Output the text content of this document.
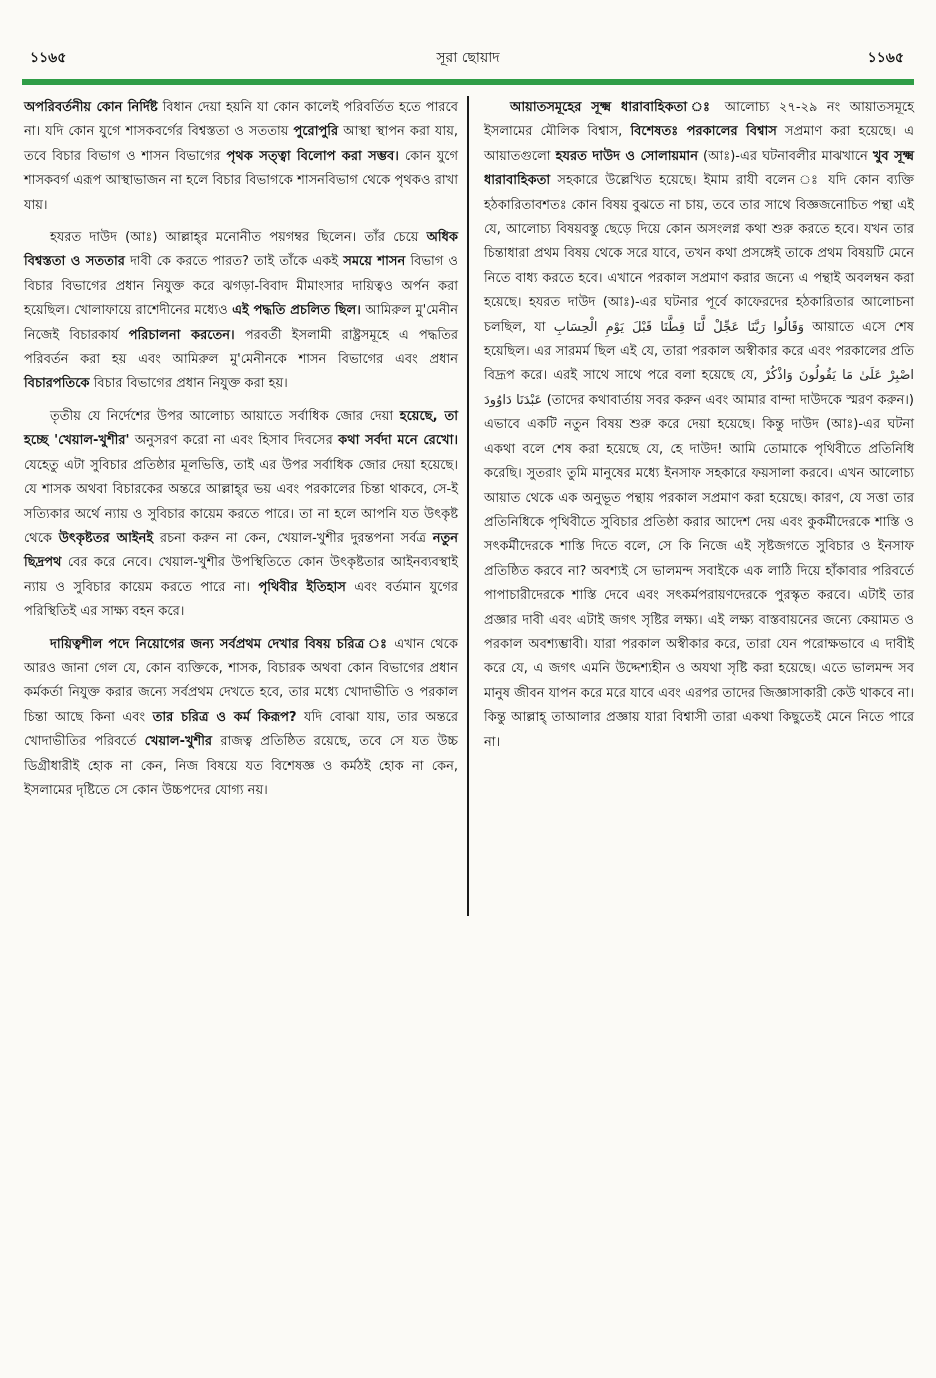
১১৬৫	সূরা ছোয়াদ	১১৬৫

অপরিবর্তনীয় কোন নির্দিষ্ট বিধান দেয়া হয়নি যা কোন কালেই পরিবর্তিত হতে পারবে না। যদি কোন যুগে শাসকবর্গের বিশ্বস্ততা ও সততায় পুরোপুরি আস্থা স্থাপন করা যায়, তবে বিচার বিভাগ ও শাসন বিভাগের পৃথক সত্ত্বা বিলোপ করা সম্ভব। কোন যুগে শাসকবর্গ এরূপ আস্থাভাজন না হলে বিচার বিভাগকে শাসনবিভাগ থেকে পৃথকও রাখা যায়।

হযরত দাউদ (আঃ) আল্লাহ্‌র মনোনীত পয়গম্বর ছিলেন। তাঁর চেয়ে অধিক বিশ্বস্ততা ও সততার দাবী কে করতে পারত? তাই তাঁকে একই সময়ে শাসন বিভাগ ও বিচার বিভাগের প্রধান নিযুক্ত করে ঝগড়া-বিবাদ মীমাংসার দায়িত্বও অর্পন করা হয়েছিল। খোলাফায়ে রাশেদীনের মধ্যেও এই পদ্ধতি প্রচলিত ছিল। আমিরুল মু'মেনীন নিজেই বিচারকার্য পরিচালনা করতেন। পরবর্তী ইসলামী রাষ্ট্রসমূহে এ পদ্ধতির পরিবর্তন করা হয় এবং আমিরুল মু'মেনীনকে শাসন বিভাগের এবং প্রধান বিচারপতিকে বিচার বিভাগের প্রধান নিযুক্ত করা হয়।

তৃতীয় যে নির্দেশের উপর আলোচ্য আয়াতে সর্বাধিক জোর দেয়া হয়েছে, তা হচ্ছে 'খেয়াল-খুশীর' অনুসরণ করো না এবং হিসাব দিবসের কথা সর্বদা মনে রেখো। যেহেতু এটা সুবিচার প্রতিষ্ঠার মূলভিত্তি, তাই এর উপর সর্বাধিক জোর দেয়া হয়েছে। যে শাসক অথবা বিচারকের অন্তরে আল্লাহ্‌র ভয় এবং পরকালের চিন্তা থাকবে, সে-ই সত্যিকার অর্থে ন্যায় ও সুবিচার কায়েম করতে পারে। তা না হলে আপনি যত উৎকৃষ্ট থেকে উৎকৃষ্টতর আইনই রচনা করুন না কেন, খেয়াল-খুশীর দুরন্তপনা সর্বত্র নতুন ছিদ্রপথ বের করে নেবে। খেয়াল-খুশীর উপস্থিতিতে কোন উৎকৃষ্টতার আইনব্যবস্থাই ন্যায় ও সুবিচার কায়েম করতে পারে না। পৃথিবীর ইতিহাস এবং বর্তমান যুগের পরিস্থিতিই এর সাক্ষ্য বহন করে।

দায়িত্বশীল পদে নিয়োগের জন্য সর্বপ্রথম দেখার বিষয় চরিত্র ঃ এখান থেকে আরও জানা গেল যে, কোন ব্যক্তিকে, শাসক, বিচারক অথবা কোন বিভাগের প্রধান কর্মকর্তা নিযুক্ত করার জন্যে সর্বপ্রথম দেখতে হবে, তার মধ্যে খোদাভীতি ও পরকাল চিন্তা আছে কিনা এবং তার চরিত্র ও কর্ম কিরূপ? যদি বোঝা যায়, তার অন্তরে খোদাভীতির পরিবর্তে খেয়াল-খুশীর রাজত্ব প্রতিষ্ঠিত রয়েছে, তবে সে যত উচ্চ ডিগ্রীধারীই হোক না কেন, নিজ বিষয়ে যত বিশেষজ্ঞ ও কর্মঠই হোক না কেন, ইসলামের দৃষ্টিতে সে কোন উচ্চপদের যোগ্য নয়।

আয়াতসমূহের সূক্ষ্ম ধারাবাহিকতা ঃ আলোচ্য ২৭-২৯ নং আয়াতসমূহে ইসলামের মৌলিক বিশ্বাস, বিশেষতঃ পরকালের বিশ্বাস সপ্রমাণ করা হয়েছে। এ আয়াতগুলো হযরত দাউদ ও সোলায়মান (আঃ)-এর ঘটনাবলীর মাঝখানে খুব সূক্ষ্ম ধারাবাহিকতা সহকারে উল্লেখিত হয়েছে। ইমাম রাযী বলেন ঃ যদি কোন ব্যক্তি হঠকারিতাবশতঃ কোন বিষয় বুঝতে না চায়, তবে তার সাথে বিজ্ঞজনোচিত পন্থা এই যে, আলোচ্য বিষয়বস্তু ছেড়ে দিয়ে কোন অসংলগ্ন কথা শুরু করতে হবে। যখন তার চিন্তাধারা প্রথম বিষয় থেকে সরে যাবে, তখন কথা প্রসঙ্গেই তাকে প্রথম বিষয়টি মেনে নিতে বাধ্য করতে হবে। এখানে পরকাল সপ্রমাণ করার জন্যে এ পন্থাই অবলম্বন করা হয়েছে। হযরত দাউদ (আঃ)-এর ঘটনার পূর্বে কাফেরদের হঠকারিতার আলোচনা চলছিল, যা وَقَالُوا رَبَّنَا عَجِّلْ لَّنَا قِطَّنَا قَبْلَ يَوْمِ الْحِسَابِ আয়াতে এসে শেষ হয়েছিল। এর সারমর্ম ছিল এই যে, তারা পরকাল অস্বীকার করে এবং পরকালের প্রতি বিদ্রূপ করে। এরই সাথে সাথে পরে বলা হয়েছে যে, اصْبِرْ عَلَىٰ مَا يَقُولُونَ وَاذْكُرْ عَبْدَنَا دَاوُودَ (তাদের কথাবার্তায় সবর করুন এবং আমার বান্দা দাউদকে স্মরণ করুন।) এভাবে একটি নতুন বিষয় শুরু করে দেয়া হয়েছে। কিন্তু দাউদ (আঃ)-এর ঘটনা একথা বলে শেষ করা হয়েছে যে, হে দাউদ! আমি তোমাকে পৃথিবীতে প্রতিনিধি করেছি। সুতরাং তুমি মানুষের মধ্যে ইনসাফ সহকারে ফয়সালা করবে। এখন আলোচ্য আয়াত থেকে এক অনুভূত পন্থায় পরকাল সপ্রমাণ করা হয়েছে। কারণ, যে সত্তা তার প্রতিনিধিকে পৃথিবীতে সুবিচার প্রতিষ্ঠা করার আদেশ দেয় এবং কুকর্মীদেরকে শাস্তি ও সৎকর্মীদেরকে শাস্তি দিতে বলে, সে কি নিজে এই সৃষ্টজগতে সুবিচার ও ইনসাফ প্রতিষ্ঠিত করবে না? অবশ্যই সে ভালমন্দ সবাইকে এক লাঠি দিয়ে হাঁকাবার পরিবর্তে পাপাচারীদেরকে শাস্তি দেবে এবং সৎকর্মপরায়ণদেরকে পুরস্কৃত করবে। এটাই তার প্রজ্ঞার দাবী এবং এটাই জগৎ সৃষ্টির লক্ষ্য। এই লক্ষ্য বাস্তবায়নের জন্যে কেয়ামত ও পরকাল অবশ্যম্ভাবী। যারা পরকাল অস্বীকার করে, তারা যেন পরোক্ষভাবে এ দাবীই করে যে, এ জগৎ এমনি উদ্দেশ্যহীন ও অযথা সৃষ্টি করা হয়েছে। এতে ভালমন্দ সব মানুষ জীবন যাপন করে মরে যাবে এবং এরপর তাদের জিজ্ঞাসাকারী কেউ থাকবে না। কিন্তু আল্লাহ্‌ তাআলার প্রজ্ঞায় যারা বিশ্বাসী তারা একথা কিছুতেই মেনে নিতে পারে না।
